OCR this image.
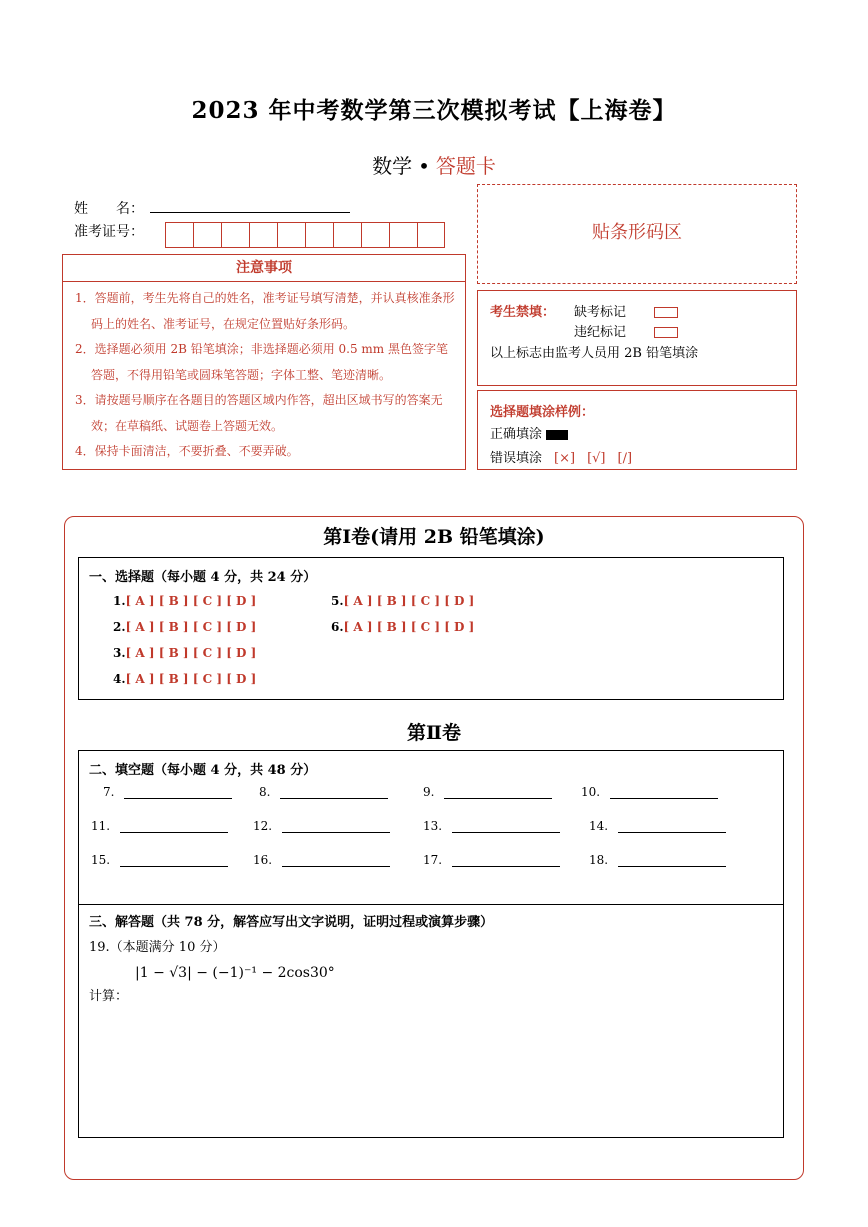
2023 年中考数学第三次模拟考试【上海卷】
数学 • 答题卡
姓　　名：
准考证号：
注意事项
1．答题前，考生先将自己的姓名，准考证号填写清楚，并认真核准条形码上的姓名、准考证号，在规定位置贴好条形码。
2．选择题必须用 2B 铅笔填涂；非选择题必须用 0.5 mm 黑色签字笔答题，不得用铅笔或圆珠笔答题；字体工整、笔迹清晰。
3．请按题号顺序在各题目的答题区域内作答，超出区域书写的答案无效；在草稿纸、试题卷上答题无效。
4．保持卡面清洁，不要折叠、不要弄破。
贴条形码区
考生禁填： 缺考标记
违纪标记
以上标志由监考人员用 2B 铅笔填涂
选择题填涂样例：
正确填涂
错误填涂 [×] [√] [/]
第Ⅰ卷(请用 2B 铅笔填涂)
一、选择题（每小题 4 分，共 24 分）
1.[ A ] [ B ] [ C ] [ D ]
2.[ A ] [ B ] [ C ] [ D ]
3.[ A ] [ B ] [ C ] [ D ]
4.[ A ] [ B ] [ C ] [ D ]
5.[ A ] [ B ] [ C ] [ D ]
6.[ A ] [ B ] [ C ] [ D ]
第Ⅱ卷
二、填空题（每小题 4 分，共 48 分）
7.	8.	9.	10.
11.	12.	13.	14.
15.	16.	17.	18.
三、解答题（共 78 分，解答应写出文字说明，证明过程或演算步骤）
19.（本题满分 10 分）
计算：
|1 − √3| − (−1)⁻¹ − 2cos30°
